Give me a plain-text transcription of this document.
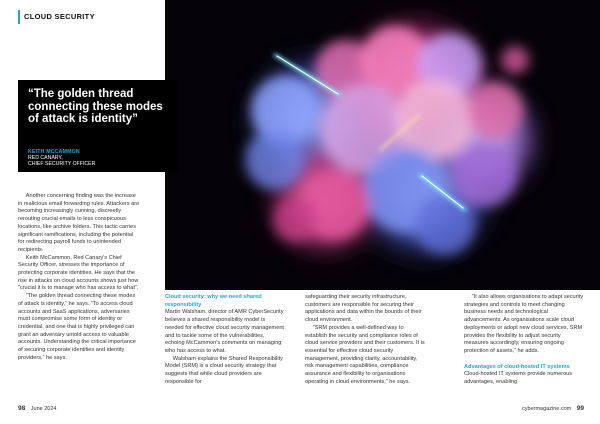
CLOUD SECURITY
“The golden thread connecting these modes of attack is identity”
KEITH MCCAMMON
RED CANARY,
CHIEF SECURITY OFFICER

Another concerning finding was the increase in malicious email forwarding rules. Attackers are becoming increasingly cunning, discreetly rerouting crucial emails to less conspicuous locations, like archive folders. This tactic carries significant ramifications, including the potential for redirecting payroll funds to unintended recipients.

Keith McCammon, Red Canary's Chief Security Officer, stresses the importance of protecting corporate identities. He says that the rise in attacks on cloud accounts shows just how “crucial it is to manage who has access to what”.

“The golden thread connecting these modes of attack is identity,” he says. “To access cloud accounts and SaaS applications, adversaries must compromise some form of identity or credential, and one that is highly privileged can grant an adversary untold access to valuable accounts. Understanding the critical importance of securing corporate identities and identity providers,” he says.

Cloud security: why we need shared responsibility

Martin Walsham, director of AMR CyberSecurity believes a shared responsibility model is needed for effective cloud security management and to tackle some of the vulnerabilities, echoing McCammon's comments on managing who has access to what.

Walsham explains the Shared Responsibility Model (SRM) is a cloud security strategy that suggests that while cloud providers are responsible for

safeguarding their security infrastructure, customers are responsible for securing their applications and data within the bounds of their cloud environment.

“SRM provides a well-defined way to establish the security and compliance roles of cloud service providers and their customers. It is essential for effective cloud security management, providing clarity, accountability, risk management capabilities, compliance assurance and flexibility to organisations operating in cloud environments,” he says.

“It also allows organisations to adapt security strategies and controls to meet changing business needs and technological advancements. As organisations scale cloud deployments or adopt new cloud services, SRM provides the flexibility to adjust security measures accordingly, ensuring ongoing protection of assets,” he adds.

Advantages of cloud-hosted IT systems

Cloud-hosted IT systems provide numerous advantages, enabling

98 June 2024	cybermagazine.com 99
